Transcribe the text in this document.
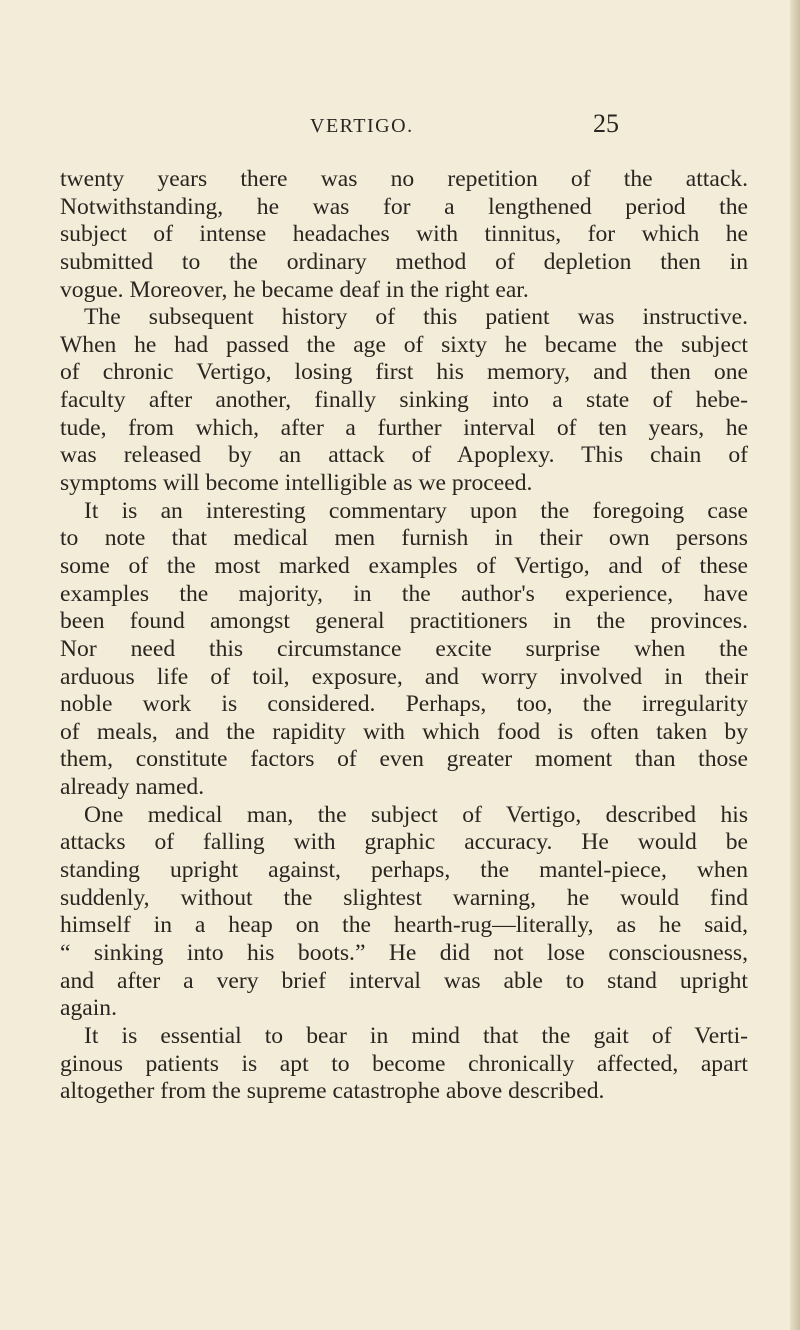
VERTIGO.	25
twenty years there was no repetition of the attack.
Notwithstanding, he was for a lengthened period the
subject of intense headaches with tinnitus, for which he
submitted to the ordinary method of depletion then in
vogue. Moreover, he became deaf in the right ear.
The subsequent history of this patient was instructive.
When he had passed the age of sixty he became the subject
of chronic Vertigo, losing first his memory, and then one
faculty after another, finally sinking into a state of hebe-
tude, from which, after a further interval of ten years, he
was released by an attack of Apoplexy. This chain of
symptoms will become intelligible as we proceed.
It is an interesting commentary upon the foregoing case
to note that medical men furnish in their own persons
some of the most marked examples of Vertigo, and of these
examples the majority, in the author's experience, have
been found amongst general practitioners in the provinces.
Nor need this circumstance excite surprise when the
arduous life of toil, exposure, and worry involved in their
noble work is considered. Perhaps, too, the irregularity
of meals, and the rapidity with which food is often taken by
them, constitute factors of even greater moment than those
already named.
One medical man, the subject of Vertigo, described his
attacks of falling with graphic accuracy. He would be
standing upright against, perhaps, the mantel-piece, when
suddenly, without the slightest warning, he would find
himself in a heap on the hearth-rug—literally, as he said,
“ sinking into his boots.” He did not lose consciousness,
and after a very brief interval was able to stand upright
again.
It is essential to bear in mind that the gait of Verti-
ginous patients is apt to become chronically affected, apart
altogether from the supreme catastrophe above described.
